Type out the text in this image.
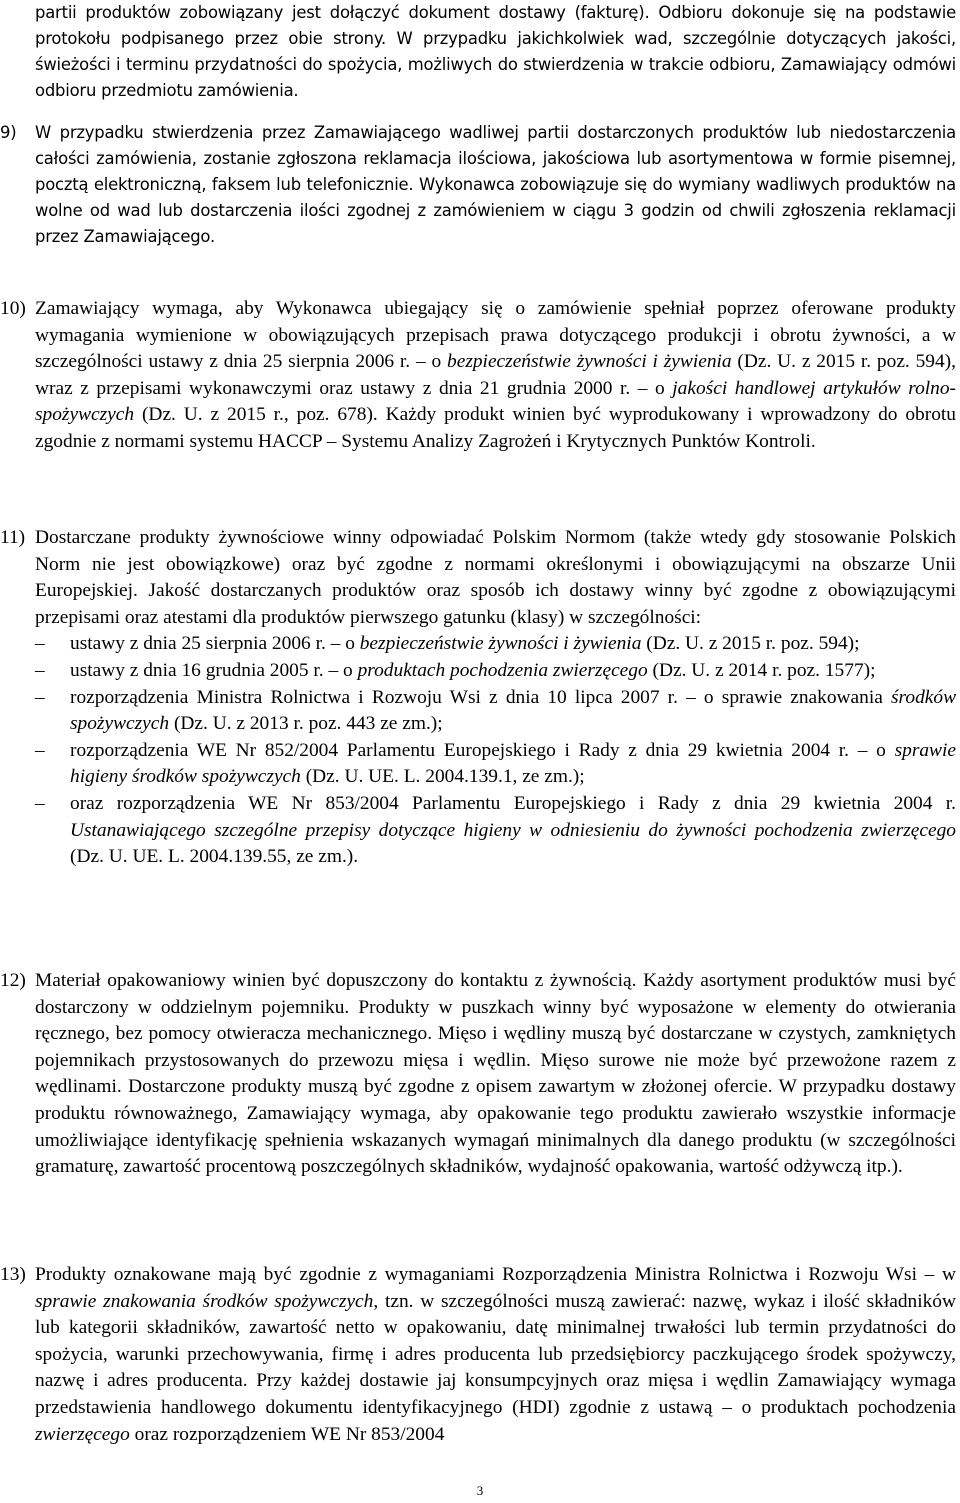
partii produktów zobowiązany jest dołączyć dokument dostawy (fakturę). Odbioru dokonuje się na podstawie protokołu podpisanego przez obie strony. W przypadku jakichkolwiek wad, szczególnie dotyczących jakości, świeżości i terminu przydatności do spożycia, możliwych do stwierdzenia w trakcie odbioru, Zamawiający odmówi odbioru przedmiotu zamówienia.
9)	W przypadku stwierdzenia przez Zamawiającego wadliwej partii dostarczonych produktów lub niedostarczenia całości zamówienia, zostanie zgłoszona reklamacja ilościowa, jakościowa lub asortymentowa w formie pisemnej, pocztą elektroniczną, faksem lub telefonicznie. Wykonawca zobowiązuje się do wymiany wadliwych produktów na wolne od wad lub dostarczenia ilości zgodnej z zamówieniem w ciągu 3 godzin od chwili zgłoszenia reklamacji przez Zamawiającego.
10) Zamawiający wymaga, aby Wykonawca ubiegający się o zamówienie spełniał poprzez oferowane produkty wymagania wymienione w obowiązujących przepisach prawa dotyczącego produkcji i obrotu żywności, a w szczególności ustawy z dnia 25 sierpnia 2006 r. – o bezpieczeństwie żywności i żywienia (Dz. U. z 2015 r. poz. 594), wraz z przepisami wykonawczymi oraz ustawy z dnia 21 grudnia 2000 r. – o jakości handlowej artykułów rolno-spożywczych (Dz. U. z 2015 r., poz. 678). Każdy produkt winien być wyprodukowany i wprowadzony do obrotu zgodnie z normami systemu HACCP – Systemu Analizy Zagrożeń i Krytycznych Punktów Kontroli.
11) Dostarczane produkty żywnościowe winny odpowiadać Polskim Normom (także wtedy gdy stosowanie Polskich Norm nie jest obowiązkowe) oraz być zgodne z normami określonymi i obowiązującymi na obszarze Unii Europejskiej. Jakość dostarczanych produktów oraz sposób ich dostawy winny być zgodne z obowiązującymi przepisami oraz atestami dla produktów pierwszego gatunku (klasy) w szczególności:
– ustawy z dnia 25 sierpnia 2006 r. – o bezpieczeństwie żywności i żywienia (Dz. U. z 2015 r. poz. 594);
– ustawy z dnia 16 grudnia 2005 r. – o produktach pochodzenia zwierzęcego (Dz. U. z 2014 r. poz. 1577);
– rozporządzenia Ministra Rolnictwa i Rozwoju Wsi z dnia 10 lipca 2007 r. – o sprawie znakowania środków spożywczych (Dz. U. z 2013 r. poz. 443 ze zm.);
– rozporządzenia WE Nr 852/2004 Parlamentu Europejskiego i Rady z dnia 29 kwietnia 2004 r. – o sprawie higieny środków spożywczych (Dz. U. UE. L. 2004.139.1, ze zm.);
– oraz rozporządzenia WE Nr 853/2004 Parlamentu Europejskiego i Rady z dnia 29 kwietnia 2004 r. Ustanawiającego szczególne przepisy dotyczące higieny w odniesieniu do żywności pochodzenia zwierzęcego (Dz. U. UE. L. 2004.139.55, ze zm.).
12) Materiał opakowaniowy winien być dopuszczony do kontaktu z żywnością. Każdy asortyment produktów musi być dostarczony w oddzielnym pojemniku. Produkty w puszkach winny być wyposażone w elementy do otwierania ręcznego, bez pomocy otwieracza mechanicznego. Mięso i wędliny muszą być dostarczane w czystych, zamkniętych pojemnikach przystosowanych do przewozu mięsa i wędlin. Mięso surowe nie może być przewożone razem z wędlinami. Dostarczone produkty muszą być zgodne z opisem zawartym w złożonej ofercie. W przypadku dostawy produktu równoważnego, Zamawiający wymaga, aby opakowanie tego produktu zawierało wszystkie informacje umożliwiające identyfikację spełnienia wskazanych wymagań minimalnych dla danego produktu (w szczególności gramaturę, zawartość procentową poszczególnych składników, wydajność opakowania, wartość odżywczą itp.).
13) Produkty oznakowane mają być zgodnie z wymaganiami Rozporządzenia Ministra Rolnictwa i Rozwoju Wsi – w sprawie znakowania środków spożywczych, tzn. w szczególności muszą zawierać: nazwę, wykaz i ilość składników lub kategorii składników, zawartość netto w opakowaniu, datę minimalnej trwałości lub termin przydatności do spożycia, warunki przechowywania, firmę i adres producenta lub przedsiębiorcy paczkującego środek spożywczy, nazwę i adres producenta. Przy każdej dostawie jaj konsumpcyjnych oraz mięsa i wędlin Zamawiający wymaga przedstawienia handlowego dokumentu identyfikacyjnego (HDI) zgodnie z ustawą – o produktach pochodzenia zwierzęcego oraz rozporządzeniem WE Nr 853/2004
3
